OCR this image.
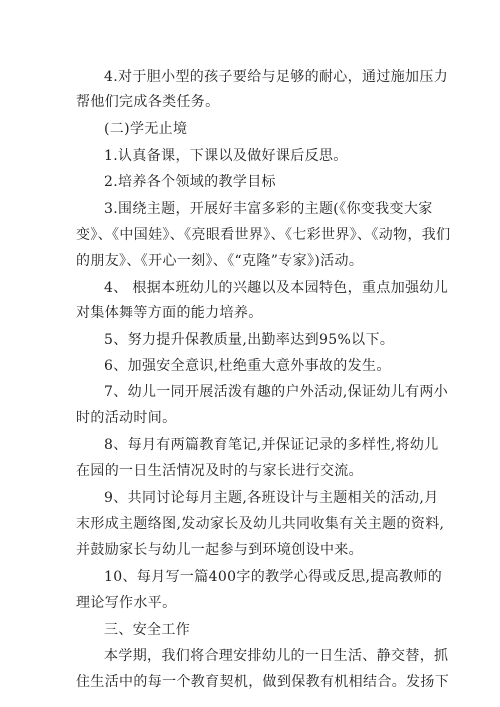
4.对于胆小型的孩子要给与足够的耐心，通过施加压力
帮他们完成各类任务。
(二)学无止境
1.认真备课，下课以及做好课后反思。
2.培养各个领域的教学目标
3.围绕主题，开展好丰富多彩的主题(《你变我变大家
变》、《中国娃》、《亮眼看世界》、《七彩世界》、《动物，我们
的朋友》、《开心一刻》、《“克隆”专家》)活动。
4、 根据本班幼儿的兴趣以及本园特色，重点加强幼儿
对集体舞等方面的能力培养。
5、努力提升保教质量,出勤率达到95%以下。
6、加强安全意识,杜绝重大意外事故的发生。
7、幼儿一同开展活泼有趣的户外活动,保证幼儿有两小
时的活动时间。
8、每月有两篇教育笔记,并保证记录的多样性,将幼儿
在园的一日生活情况及时的与家长进行交流。
9、共同讨论每月主题,各班设计与主题相关的活动,月
末形成主题络图,发动家长及幼儿共同收集有关主题的资料,
并鼓励家长与幼儿一起参与到环境创设中来。
10、每月写一篇400字的教学心得或反思,提高教师的
理论写作水平。
三、安全工作
本学期，我们将合理安排幼儿的一日生活、静交替，抓
住生活中的每一个教育契机，做到保教有机相结合。发扬下
